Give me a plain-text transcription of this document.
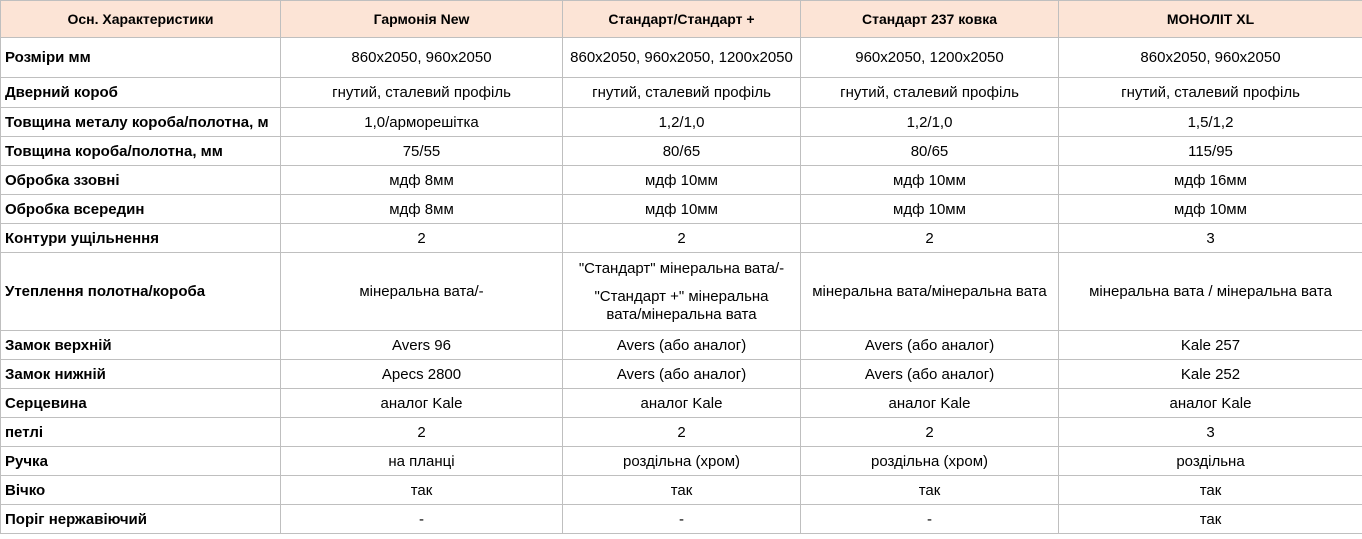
Осн. Характеристики	Гармонія New	Стандарт/Стандарт +	Стандарт 237 ковка	МОНОЛІТ XL
Розміри мм	860x2050, 960x2050	860x2050, 960x2050, 1200x2050	960x2050, 1200x2050	860x2050, 960x2050
Дверний короб	гнутий, сталевий профіль	гнутий, сталевий профіль	гнутий, сталевий профіль	гнутий, сталевий профіль
Товщина металу короба/полотна, м	1,0/арморешітка	1,2/1,0	1,2/1,0	1,5/1,2
Товщина короба/полотна, мм	75/55	80/65	80/65	115/95
Обробка ззовні	мдф 8мм	мдф 10мм	мдф 10мм	мдф 16мм
Обробка всередин	мдф 8мм	мдф 10мм	мдф 10мм	мдф 10мм
Контури ущільнення	2	2	2	3
Утеплення полотна/короба	мінеральна вата/-	"Стандарт" мінеральна вата/-
"Стандарт +" мінеральна
вата/мінеральна вата	мінеральна вата/мінеральна вата	мінеральна вата / мінеральна вата
Замок верхній	Avers 96	Avers (або аналог)	Avers (або аналог)	Kale 257
Замок нижній	Apecs 2800	Avers (або аналог)	Avers (або аналог)	Kale 252
Серцевина	аналог Kale	аналог Kale	аналог Kale	аналог Kale
петлі	2	2	2	3
Ручка	на планці	роздільна (хром)	роздільна (хром)	роздільна
Вічко	так	так	так	так
Поріг нержавіючий	-	-	-	так
